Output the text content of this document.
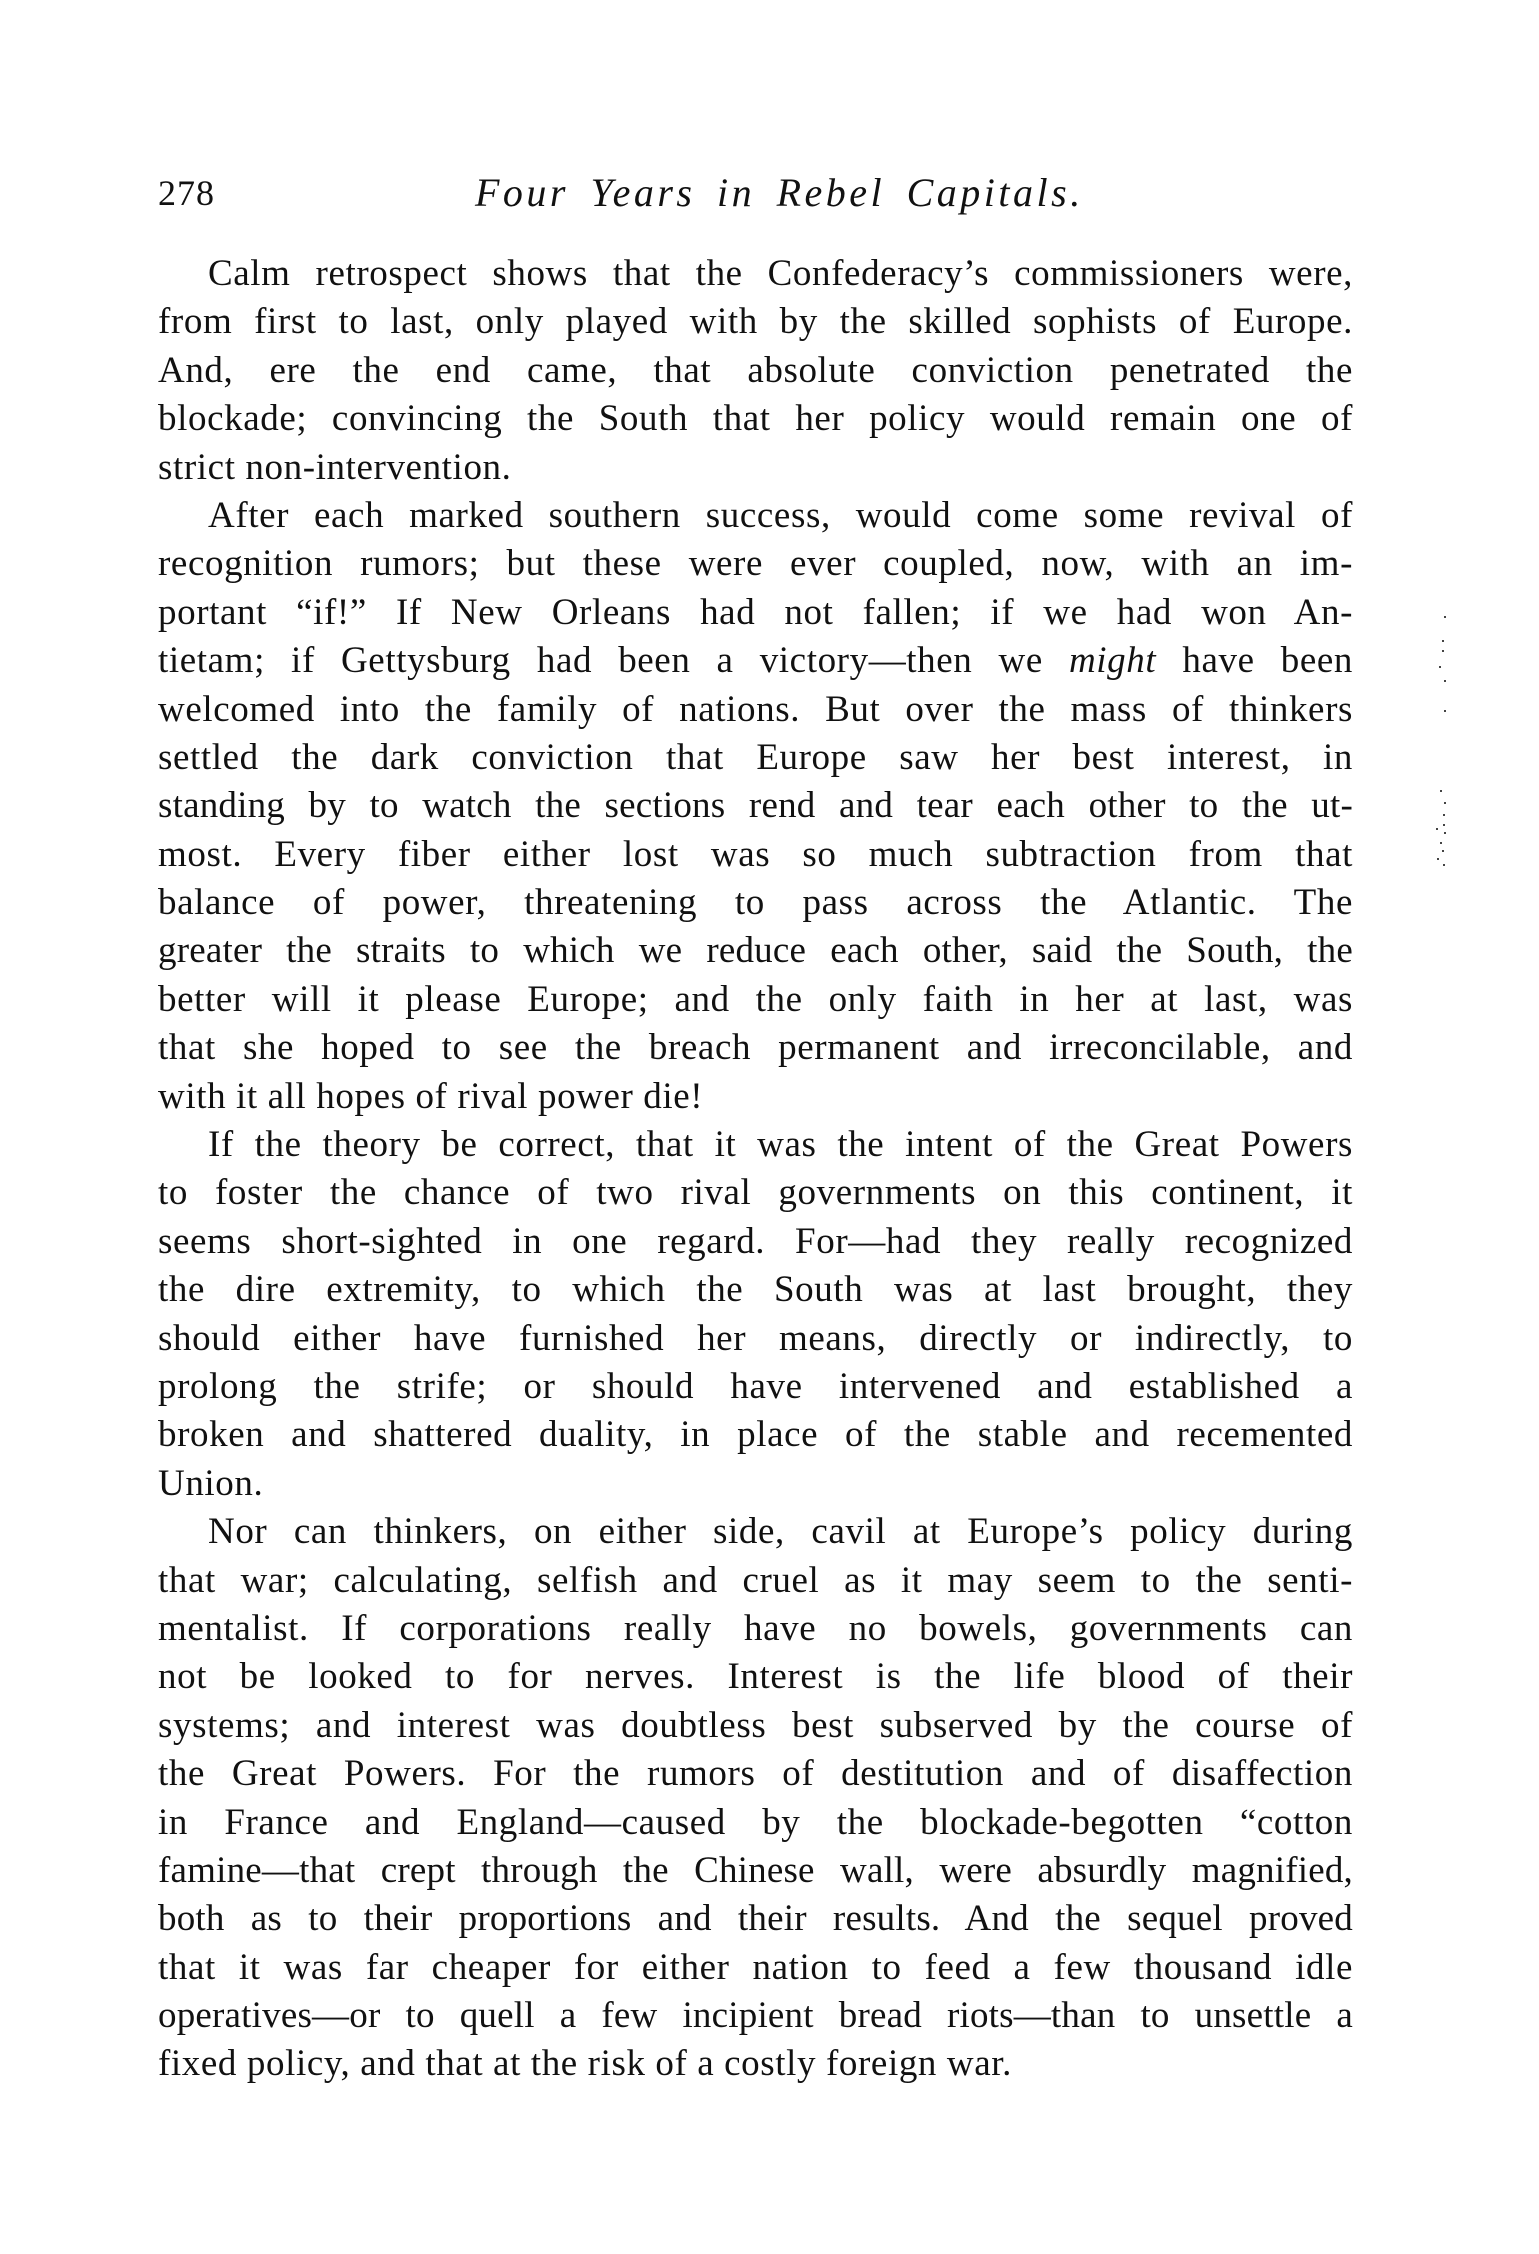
278	Four Years in Rebel Capitals.
Calm retrospect shows that the Confederacy’s commissioners were,
from first to last, only played with by the skilled sophists of Europe.
And, ere the end came, that absolute conviction penetrated the
blockade; convincing the South that her policy would remain one of
strict non-intervention.
After each marked southern success, would come some revival of
recognition rumors; but these were ever coupled, now, with an im-
portant “if!” If New Orleans had not fallen; if we had won An-
tietam; if Gettysburg had been a victory—then we might have been
welcomed into the family of nations. But over the mass of thinkers
settled the dark conviction that Europe saw her best interest, in
standing by to watch the sections rend and tear each other to the ut-
most. Every fiber either lost was so much subtraction from that
balance of power, threatening to pass across the Atlantic. The
greater the straits to which we reduce each other, said the South, the
better will it please Europe; and the only faith in her at last, was
that she hoped to see the breach permanent and irreconcilable, and
with it all hopes of rival power die!
If the theory be correct, that it was the intent of the Great Powers
to foster the chance of two rival governments on this continent, it
seems short-sighted in one regard. For—had they really recognized
the dire extremity, to which the South was at last brought, they
should either have furnished her means, directly or indirectly, to
prolong the strife; or should have intervened and established a
broken and shattered duality, in place of the stable and recemented
Union.
Nor can thinkers, on either side, cavil at Europe’s policy during
that war; calculating, selfish and cruel as it may seem to the senti-
mentalist. If corporations really have no bowels, governments can
not be looked to for nerves. Interest is the life blood of their
systems; and interest was doubtless best subserved by the course of
the Great Powers. For the rumors of destitution and of disaffection
in France and England—caused by the blockade-begotten “cotton
famine—that crept through the Chinese wall, were absurdly magnified,
both as to their proportions and their results. And the sequel proved
that it was far cheaper for either nation to feed a few thousand idle
operatives—or to quell a few incipient bread riots—than to unsettle a
fixed policy, and that at the risk of a costly foreign war.
